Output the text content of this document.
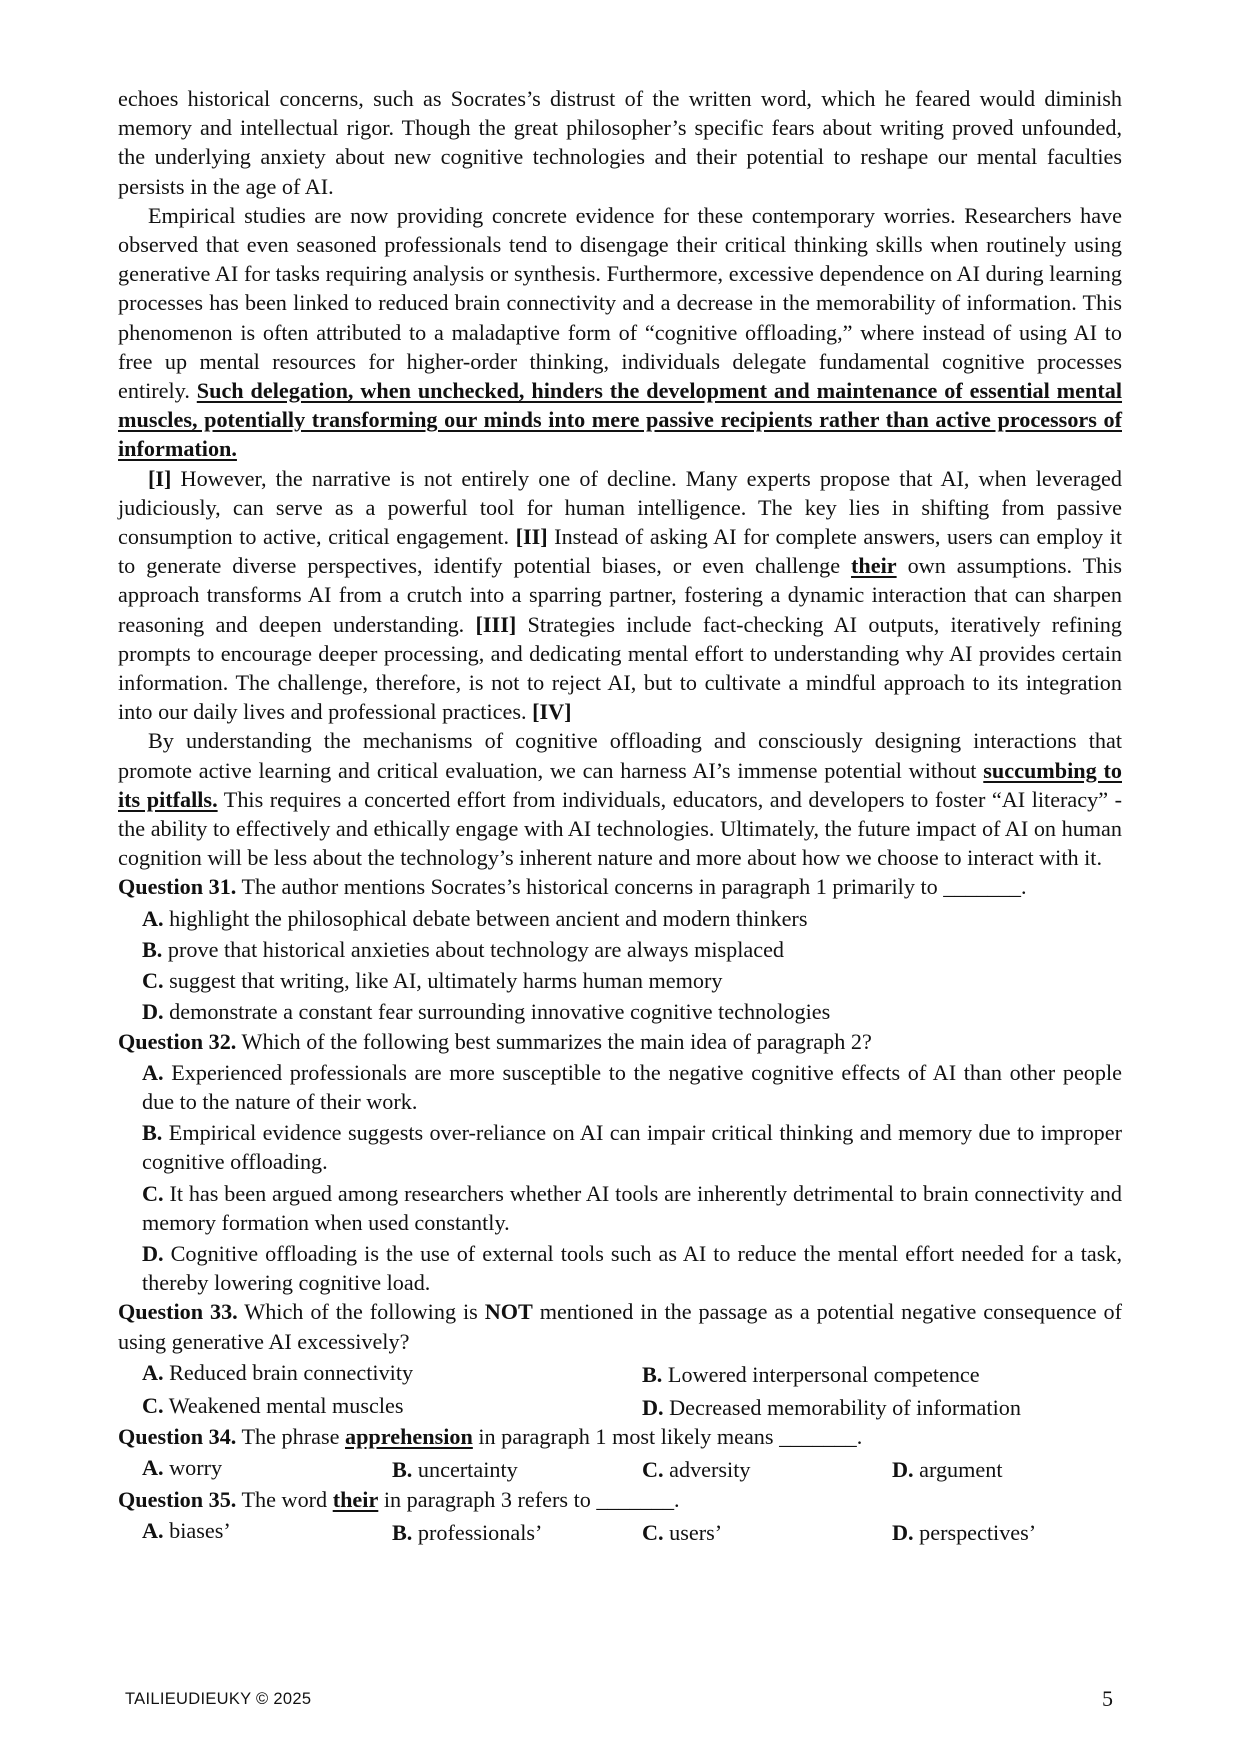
echoes historical concerns, such as Socrates’s distrust of the written word, which he feared would diminish memory and intellectual rigor. Though the great philosopher’s specific fears about writing proved unfounded, the underlying anxiety about new cognitive technologies and their potential to reshape our mental faculties persists in the age of AI.

Empirical studies are now providing concrete evidence for these contemporary worries. Researchers have observed that even seasoned professionals tend to disengage their critical thinking skills when routinely using generative AI for tasks requiring analysis or synthesis. Furthermore, excessive dependence on AI during learning processes has been linked to reduced brain connectivity and a decrease in the memorability of information. This phenomenon is often attributed to a maladaptive form of “cognitive offloading,” where instead of using AI to free up mental resources for higher-order thinking, individuals delegate fundamental cognitive processes entirely. Such delegation, when unchecked, hinders the development and maintenance of essential mental muscles, potentially transforming our minds into mere passive recipients rather than active processors of information.

[I] However, the narrative is not entirely one of decline. Many experts propose that AI, when leveraged judiciously, can serve as a powerful tool for human intelligence. The key lies in shifting from passive consumption to active, critical engagement. [II] Instead of asking AI for complete answers, users can employ it to generate diverse perspectives, identify potential biases, or even challenge their own assumptions. This approach transforms AI from a crutch into a sparring partner, fostering a dynamic interaction that can sharpen reasoning and deepen understanding. [III] Strategies include fact-checking AI outputs, iteratively refining prompts to encourage deeper processing, and dedicating mental effort to understanding why AI provides certain information. The challenge, therefore, is not to reject AI, but to cultivate a mindful approach to its integration into our daily lives and professional practices. [IV]

By understanding the mechanisms of cognitive offloading and consciously designing interactions that promote active learning and critical evaluation, we can harness AI’s immense potential without succumbing to its pitfalls. This requires a concerted effort from individuals, educators, and developers to foster “AI literacy” - the ability to effectively and ethically engage with AI technologies. Ultimately, the future impact of AI on human cognition will be less about the technology’s inherent nature and more about how we choose to interact with it.

Question 31. The author mentions Socrates’s historical concerns in paragraph 1 primarily to _______.

A. highlight the philosophical debate between ancient and modern thinkers

B. prove that historical anxieties about technology are always misplaced

C. suggest that writing, like AI, ultimately harms human memory

D. demonstrate a constant fear surrounding innovative cognitive technologies

Question 32. Which of the following best summarizes the main idea of paragraph 2?

A. Experienced professionals are more susceptible to the negative cognitive effects of AI than other people due to the nature of their work.

B. Empirical evidence suggests over-reliance on AI can impair critical thinking and memory due to improper cognitive offloading.

C. It has been argued among researchers whether AI tools are inherently detrimental to brain connectivity and memory formation when used constantly.

D. Cognitive offloading is the use of external tools such as AI to reduce the mental effort needed for a task, thereby lowering cognitive load.

Question 33. Which of the following is NOT mentioned in the passage as a potential negative consequence of using generative AI excessively?

A. Reduced brain connectivity	B. Lowered interpersonal competence
C. Weakened mental muscles	D. Decreased memorability of information

Question 34. The phrase apprehension in paragraph 1 most likely means _______.

A. worry	B. uncertainty	C. adversity	D. argument

Question 35. The word their in paragraph 3 refers to _______.

A. biases’	B. professionals’	C. users’	D. perspectives’
TAILIEUDIEUKY © 2025	5
